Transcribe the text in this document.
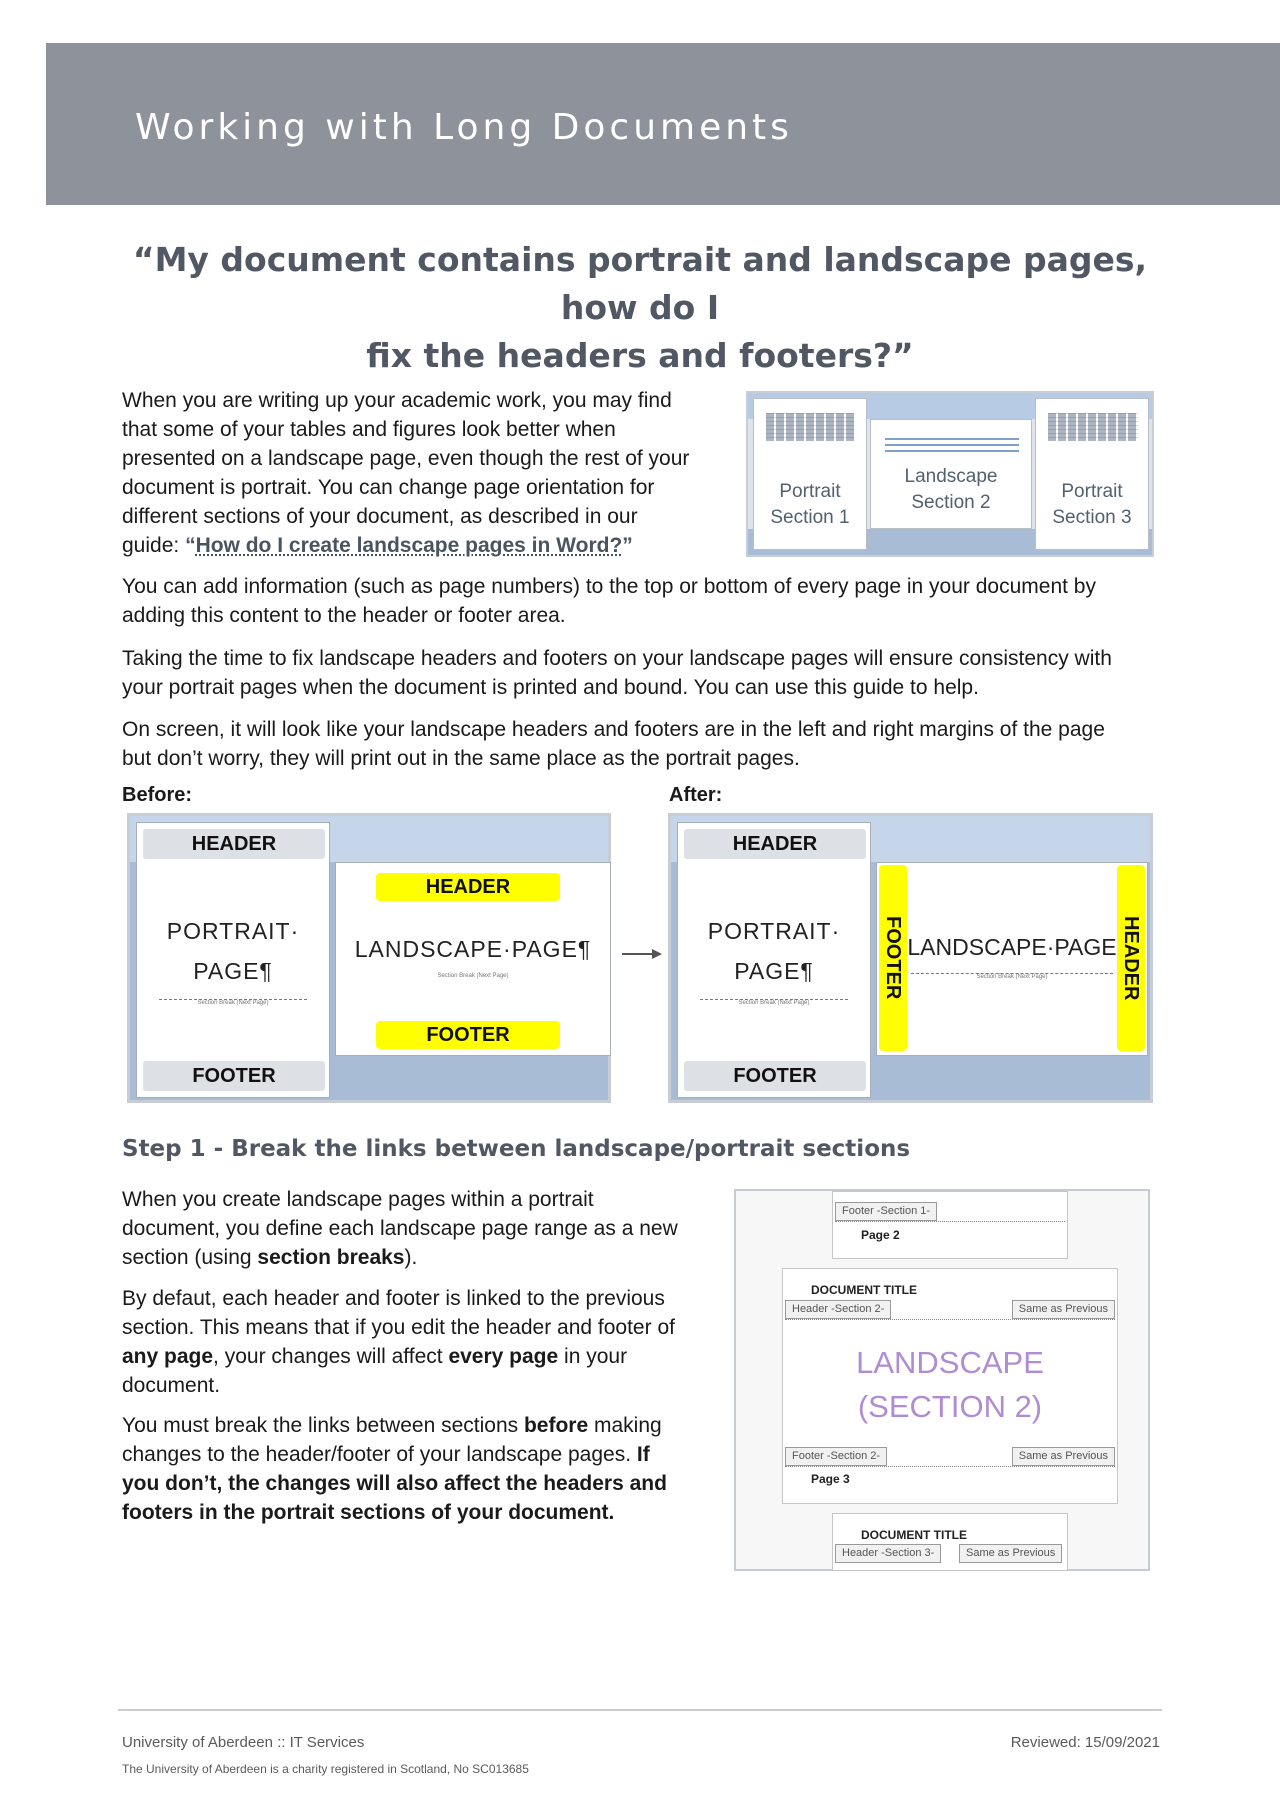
Working with Long Documents
“My document contains portrait and landscape pages, how do I
fix the headers and footers?”
When you are writing up your academic work, you may find
that some of your tables and figures look better when
presented on a landscape page, even though the rest of your
document is portrait. You can change page orientation for
different sections of your document, as described in our
guide: “How do I create landscape pages in Word?”
Portrait
Section 1
Landscape
Section 2
Portrait
Section 3
You can add information (such as page numbers) to the top or bottom of every page in your document by
adding this content to the header or footer area.
Taking the time to fix landscape headers and footers on your landscape pages will ensure consistency with
your portrait pages when the document is printed and bound. You can use this guide to help.
On screen, it will look like your landscape headers and footers are in the left and right margins of the page
but don’t worry, they will print out in the same place as the portrait pages.
Before:	After:
HEADER
PORTRAIT·
PAGE¶
Section Break (Next Page)
FOOTER
HEADER
LANDSCAPE·PAGE¶
Section Break (Next Page)
FOOTER
HEADER
PORTRAIT·
PAGE¶
Section Break (Next Page)
FOOTER
FOOTER LANDSCAPE·PAGE
Section Break (Next Page)	HEADER
Step 1 - Break the links between landscape/portrait sections
When you create landscape pages within a portrait
document, you define each landscape page range as a new
section (using section breaks).
By defaut, each header and footer is linked to the previous
section. This means that if you edit the header and footer of
any page, your changes will affect every page in your
document.
You must break the links between sections before making
changes to the header/footer of your landscape pages. If
you don’t, the changes will also affect the headers and
footers in the portrait sections of your document.
Footer -Section 1-
Page 2
DOCUMENT TITLE
Header -Section 2-	Same as Previous
LANDSCAPE
(SECTION 2)
Footer -Section 2-	Same as Previous
Page 3
DOCUMENT TITLE
Header -Section 3-	Same as Previous
University of Aberdeen :: IT Services	Reviewed: 15/09/2021
The University of Aberdeen is a charity registered in Scotland, No SC013685
